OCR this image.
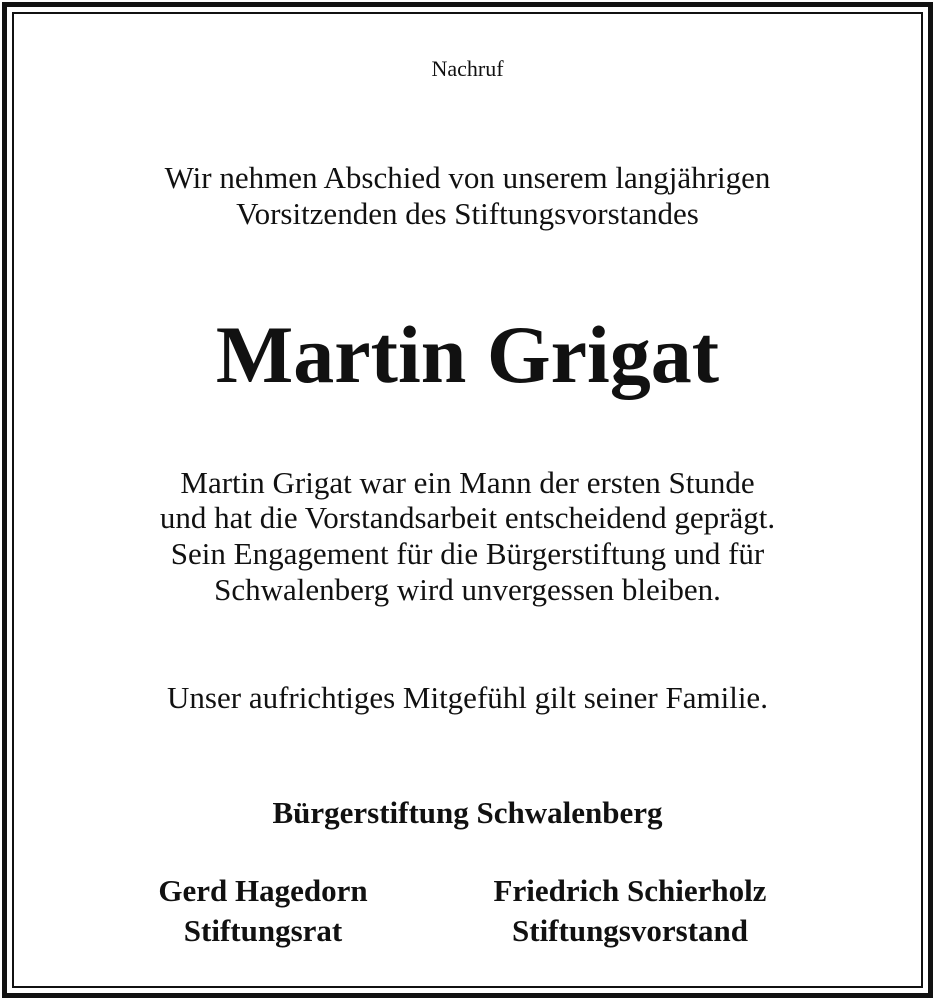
Nachruf
Wir nehmen Abschied von unserem langjährigen
Vorsitzenden des Stiftungsvorstandes
Martin Grigat
Martin Grigat war ein Mann der ersten Stunde
und hat die Vorstandsarbeit entscheidend geprägt.
Sein Engagement für die Bürgerstiftung und für
Schwalenberg wird unvergessen bleiben.
Unser aufrichtiges Mitgefühl gilt seiner Familie.
Bürgerstiftung Schwalenberg
Gerd Hagedorn
Stiftungsrat
Friedrich Schierholz
Stiftungsvorstand
